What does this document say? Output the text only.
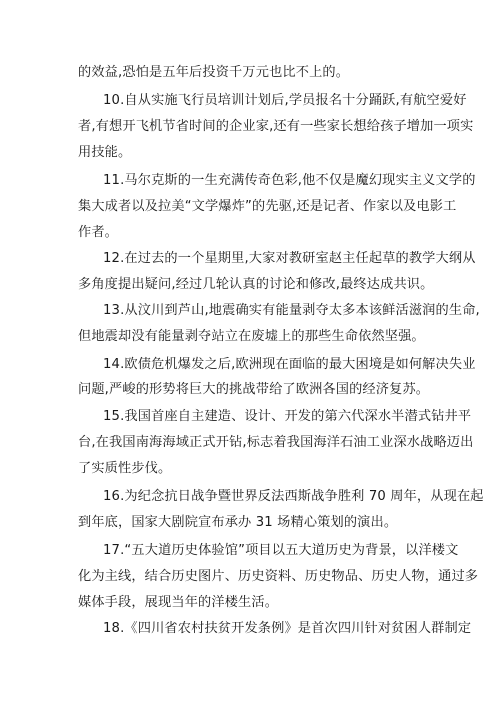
的效益,恐怕是五年后投资千万元也比不上的。
10.自从实施飞行员培训计划后,学员报名十分踊跃,有航空爱好
者,有想开飞机节省时间的企业家,还有一些家长想给孩子增加一项实
用技能。
11.马尔克斯的一生充满传奇色彩,他不仅是魔幻现实主义文学的
集大成者以及拉美“文学爆炸”的先驱,还是记者、作家以及电影工
作者。
12.在过去的一个星期里,大家对教研室赵主任起草的教学大纲从
多角度提出疑问,经过几轮认真的讨论和修改,最终达成共识。
13.从汶川到芦山,地震确实有能量剥夺太多本该鲜活滋润的生命,
但地震却没有能量剥夺站立在废墟上的那些生命依然坚强。
14.欧债危机爆发之后,欧洲现在面临的最大困境是如何解决失业
问题,严峻的形势将巨大的挑战带给了欧洲各国的经济复苏。
15.我国首座自主建造、设计、开发的第六代深水半潜式钻井平
台,在我国南海海域正式开钻,标志着我国海洋石油工业深水战略迈出
了实质性步伐。
16.为纪念抗日战争暨世界反法西斯战争胜利 70 周年，从现在起
到年底，国家大剧院宣布承办 31 场精心策划的演出。
17.“五大道历史体验馆”项目以五大道历史为背景，以洋楼文
化为主线，结合历史图片、历史资料、历史物品、历史人物，通过多
媒体手段，展现当年的洋楼生活。
18.《四川省农村扶贫开发条例》是首次四川针对贫困人群制定
